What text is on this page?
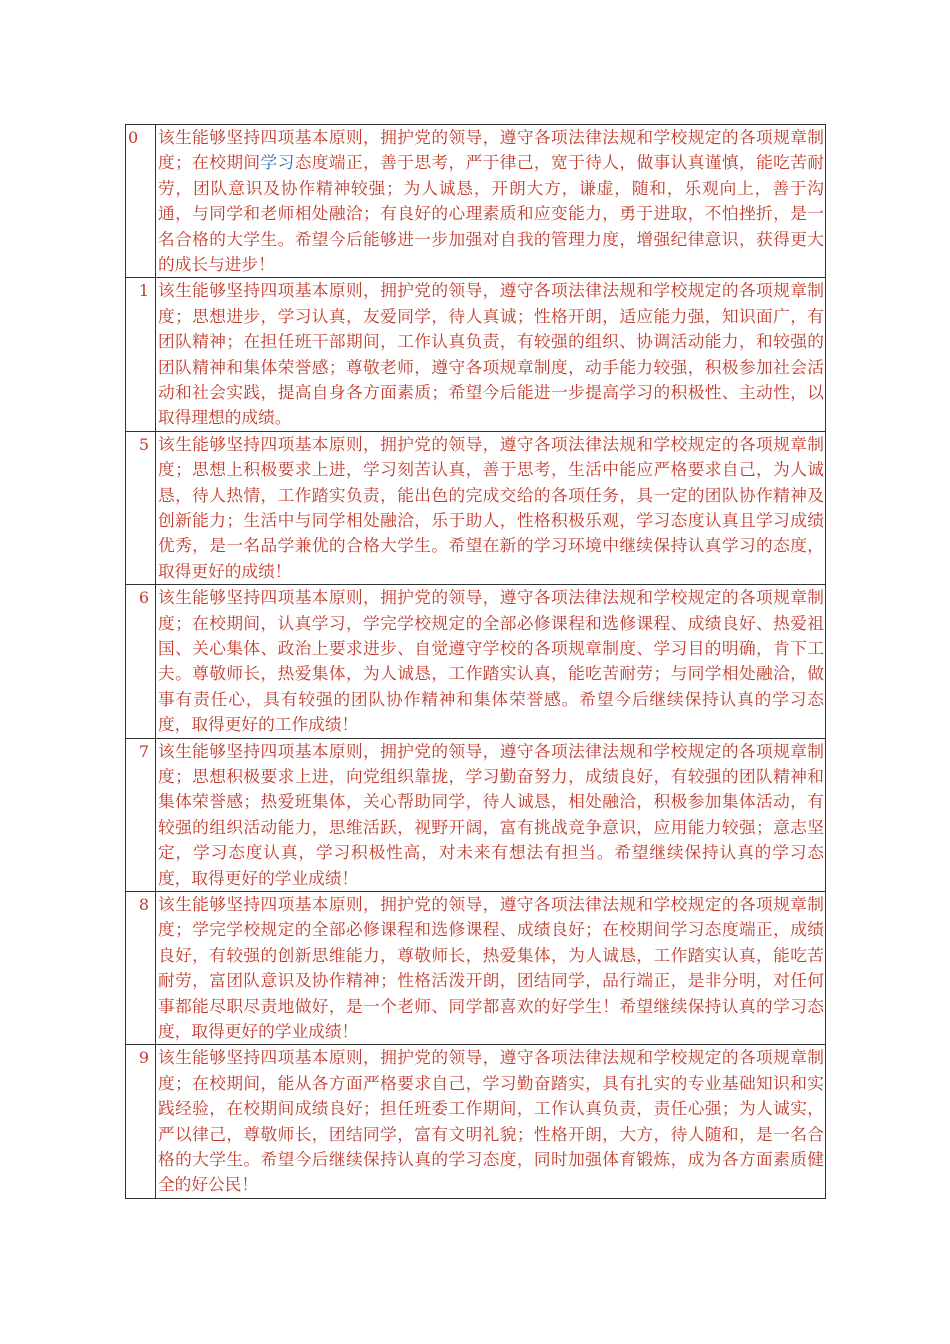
0	该生能够坚持四项基本原则，拥护党的领导，遵守各项法律法规和学校规定的各项规章制度；在校期间学习态度端正，善于思考，严于律己，宽于待人，做事认真谨慎，能吃苦耐劳，团队意识及协作精神较强；为人诚恳，开朗大方，谦虚，随和，乐观向上，善于沟通，与同学和老师相处融洽；有良好的心理素质和应变能力，勇于进取，不怕挫折，是一名合格的大学生。希望今后能够进一步加强对自我的管理力度，增强纪律意识，获得更大的成长与进步！

1	该生能够坚持四项基本原则，拥护党的领导，遵守各项法律法规和学校规定的各项规章制度；思想进步，学习认真，友爱同学，待人真诚；性格开朗，适应能力强，知识面广，有团队精神；在担任班干部期间，工作认真负责，有较强的组织、协调活动能力，和较强的团队精神和集体荣誉感；尊敬老师，遵守各项规章制度，动手能力较强，积极参加社会活动和社会实践，提高自身各方面素质；希望今后能进一步提高学习的积极性、主动性，以取得理想的成绩。

5	该生能够坚持四项基本原则，拥护党的领导，遵守各项法律法规和学校规定的各项规章制度；思想上积极要求上进，学习刻苦认真，善于思考，生活中能应严格要求自己，为人诚恳，待人热情，工作踏实负责，能出色的完成交给的各项任务，具一定的团队协作精神及创新能力；生活中与同学相处融洽，乐于助人，性格积极乐观，学习态度认真且学习成绩优秀，是一名品学兼优的合格大学生。希望在新的学习环境中继续保持认真学习的态度，取得更好的成绩！

6	该生能够坚持四项基本原则，拥护党的领导，遵守各项法律法规和学校规定的各项规章制度；在校期间，认真学习，学完学校规定的全部必修课程和选修课程、成绩良好、热爱祖国、关心集体、政治上要求进步、自觉遵守学校的各项规章制度、学习目的明确，肯下工夫。尊敬师长，热爱集体，为人诚恳，工作踏实认真，能吃苦耐劳；与同学相处融洽，做事有责任心，具有较强的团队协作精神和集体荣誉感。希望今后继续保持认真的学习态度，取得更好的工作成绩！

7	该生能够坚持四项基本原则，拥护党的领导，遵守各项法律法规和学校规定的各项规章制度；思想积极要求上进，向党组织靠拢，学习勤奋努力，成绩良好，有较强的团队精神和集体荣誉感；热爱班集体，关心帮助同学，待人诚恳，相处融洽，积极参加集体活动，有较强的组织活动能力，思维活跃，视野开阔，富有挑战竞争意识，应用能力较强；意志坚定，学习态度认真，学习积极性高，对未来有想法有担当。希望继续保持认真的学习态度，取得更好的学业成绩！

8	该生能够坚持四项基本原则，拥护党的领导，遵守各项法律法规和学校规定的各项规章制度；学完学校规定的全部必修课程和选修课程、成绩良好；在校期间学习态度端正，成绩良好，有较强的创新思维能力，尊敬师长，热爱集体，为人诚恳，工作踏实认真，能吃苦耐劳，富团队意识及协作精神；性格活泼开朗，团结同学，品行端正，是非分明，对任何事都能尽职尽责地做好，是一个老师、同学都喜欢的好学生！希望继续保持认真的学习态度，取得更好的学业成绩！

9	该生能够坚持四项基本原则，拥护党的领导，遵守各项法律法规和学校规定的各项规章制度；在校期间，能从各方面严格要求自己，学习勤奋踏实，具有扎实的专业基础知识和实践经验，在校期间成绩良好；担任班委工作期间，工作认真负责，责任心强；为人诚实，严以律己，尊敬师长，团结同学，富有文明礼貌；性格开朗，大方，待人随和，是一名合格的大学生。希望今后继续保持认真的学习态度，同时加强体育锻炼，成为各方面素质健全的好公民！
